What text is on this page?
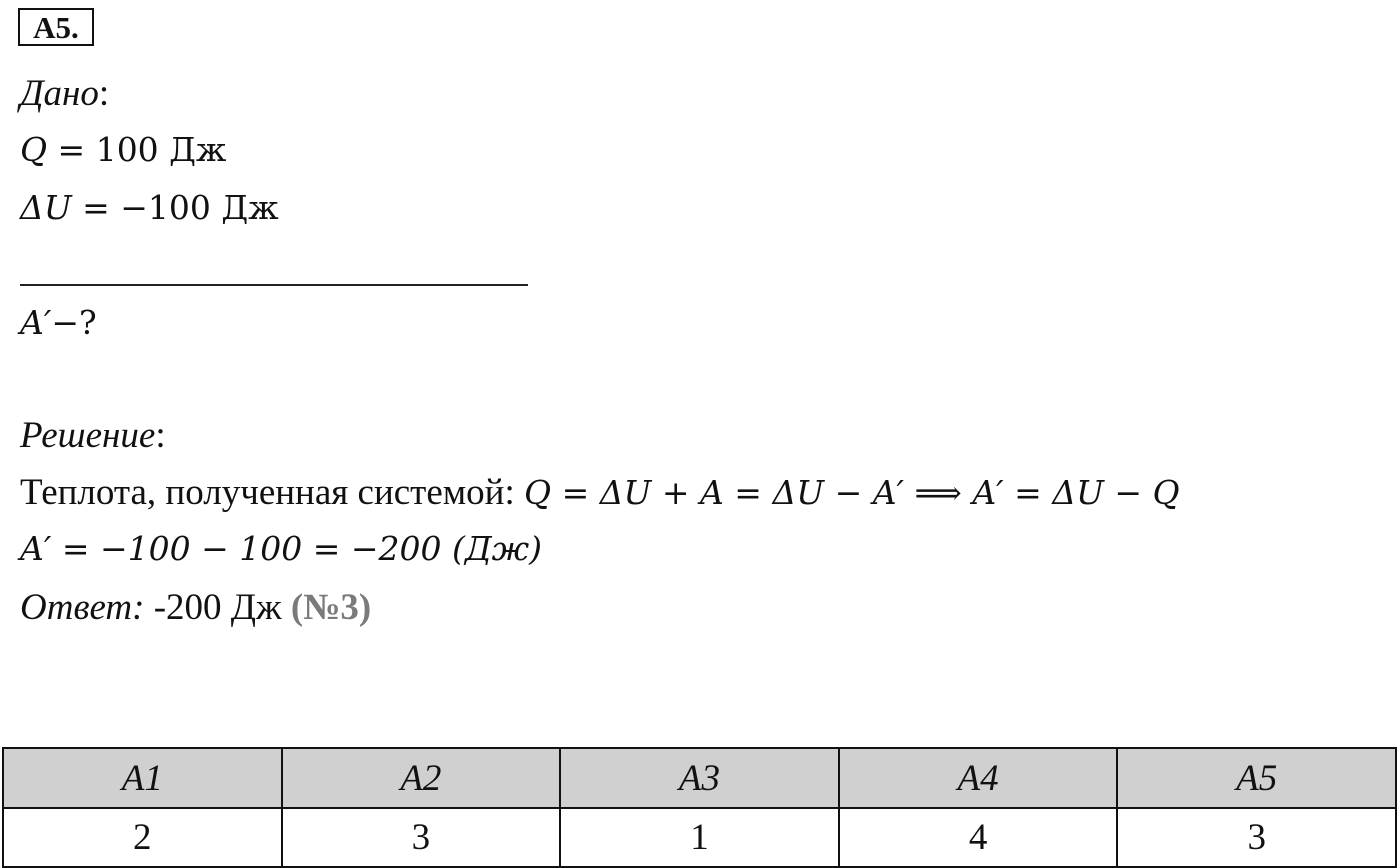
A5.
Дано:
Q = 100 Дж
ΔU = −100 Дж
A′−?
Решение:
Теплота, полученная системой: Q = ΔU + A = ΔU − A′ ⟹ A′ = ΔU − Q
A′ = −100 − 100 = −200 (Дж)
Ответ: -200 Дж (№3)
A1	A2	A3	A4	A5
2	3	1	4	3
